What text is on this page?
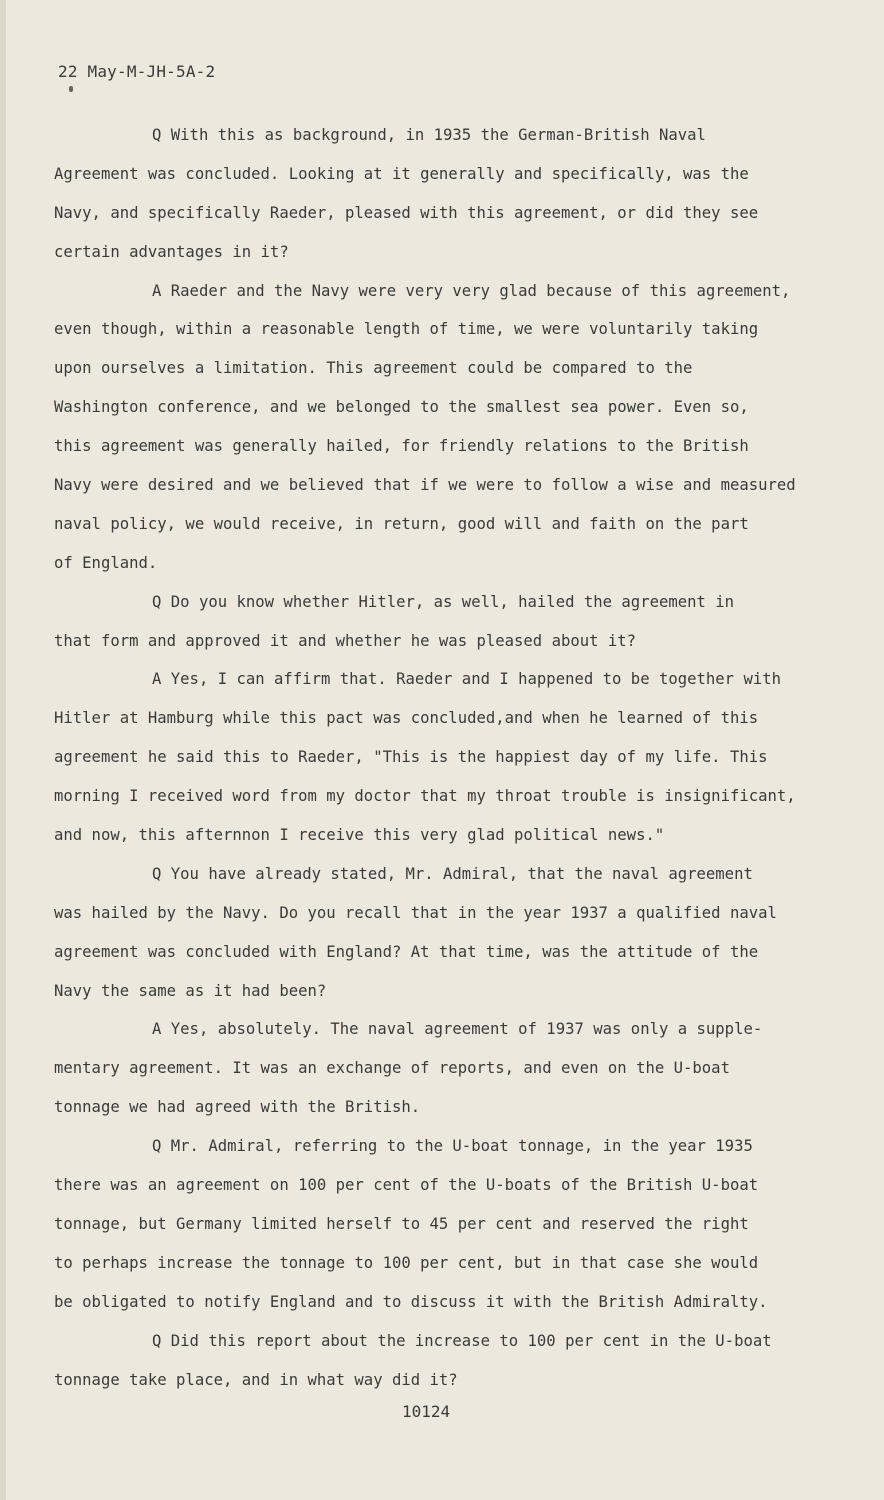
22 May-M-JH-5A-2
Q With this as background, in 1935 the German-British Naval
Agreement was concluded. Looking at it generally and specifically, was the
Navy, and specifically Raeder, pleased with this agreement, or did they see
certain advantages in it?
A Raeder and the Navy were very very glad because of this agreement,
even though, within a reasonable length of time, we were voluntarily taking
upon ourselves a limitation. This agreement could be compared to the
Washington conference, and we belonged to the smallest sea power. Even so,
this agreement was generally hailed, for friendly relations to the British
Navy were desired and we believed that if we were to follow a wise and measured
naval policy, we would receive, in return, good will and faith on the part
of England.
Q Do you know whether Hitler, as well, hailed the agreement in
that form and approved it and whether he was pleased about it?
A Yes, I can affirm that. Raeder and I happened to be together with
Hitler at Hamburg while this pact was concluded,and when he learned of this
agreement he said this to Raeder, "This is the happiest day of my life. This
morning I received word from my doctor that my throat trouble is insignificant,
and now, this afternnon I receive this very glad political news."
Q You have already stated, Mr. Admiral, that the naval agreement
was hailed by the Navy. Do you recall that in the year 1937 a qualified naval
agreement was concluded with England? At that time, was the attitude of the
Navy the same as it had been?
A Yes, absolutely. The naval agreement of 1937 was only a supple-
mentary agreement. It was an exchange of reports, and even on the U-boat
tonnage we had agreed with the British.
Q Mr. Admiral, referring to the U-boat tonnage, in the year 1935
there was an agreement on 100 per cent of the U-boats of the British U-boat
tonnage, but Germany limited herself to 45 per cent and reserved the right
to perhaps increase the tonnage to 100 per cent, but in that case she would
be obligated to notify England and to discuss it with the British Admiralty.
Q Did this report about the increase to 100 per cent in the U-boat
tonnage take place, and in what way did it?
10124
